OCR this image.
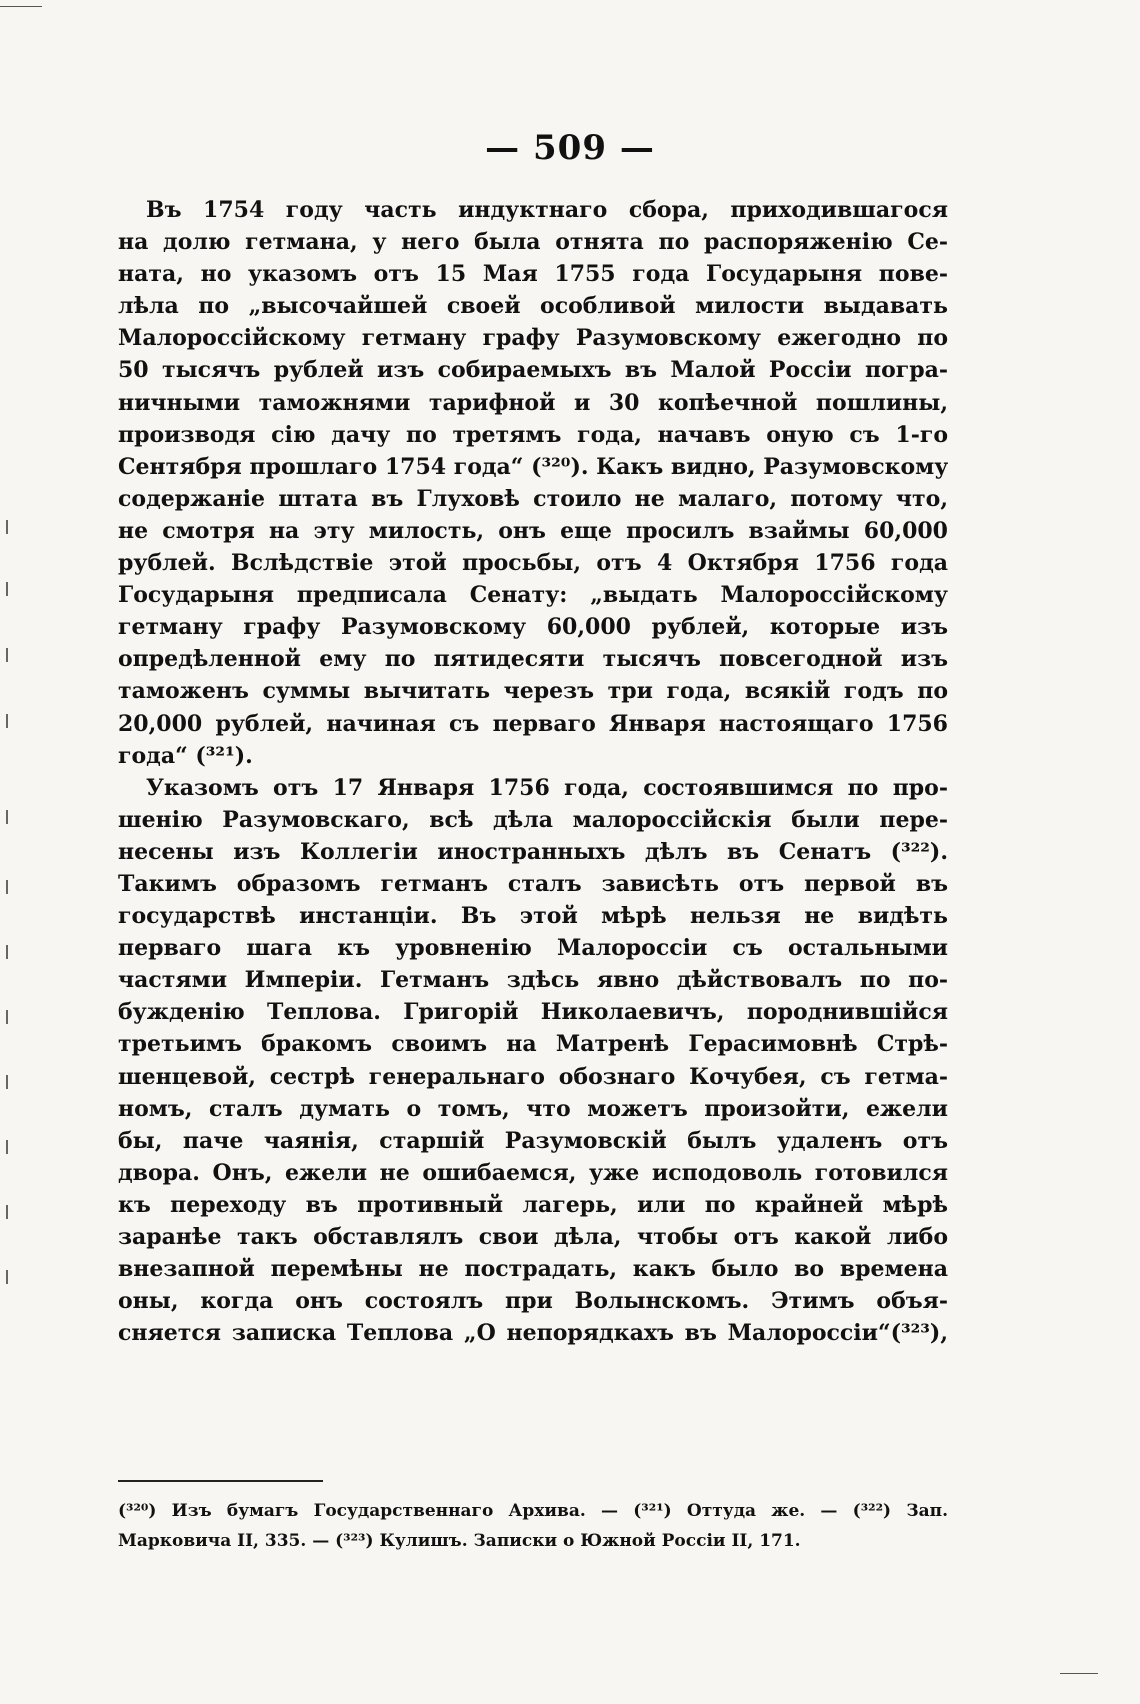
— 509 —
Въ 1754 году часть индуктнаго сбора, приходившагося
на долю гетмана, у него была отнята по распоряженію Се-
ната, но указомъ отъ 15 Мая 1755 года Государыня пове-
лѣла по „высочайшей своей особливой милости выдавать
Малороссійскому гетману графу Разумовскому ежегодно по
50 тысячъ рублей изъ собираемыхъ въ Малой Россіи погра-
ничными таможнями тарифной и 30 копѣечной пошлины,
производя сію дачу по третямъ года, начавъ оную съ 1-го
Сентября прошлаго 1754 года“ (³²⁰). Какъ видно, Разумовскому
содержаніе штата въ Глуховѣ стоило не малаго, потому что,
не смотря на эту милость, онъ еще просилъ взаймы 60,000
рублей. Вслѣдствіе этой просьбы, отъ 4 Октября 1756 года
Государыня предписала Сенату: „выдать Малороссійскому
гетману графу Разумовскому 60,000 рублей, которые изъ
опредѣленной ему по пятидесяти тысячъ повсегодной изъ
таможенъ суммы вычитать черезъ три года, всякій годъ по
20,000 рублей, начиная съ перваго Января настоящаго 1756
года“ (³²¹).
Указомъ отъ 17 Января 1756 года, состоявшимся по про-
шенію Разумовскаго, всѣ дѣла малороссійскія были пере-
несены изъ Коллегіи иностранныхъ дѣлъ въ Сенатъ (³²²).
Такимъ образомъ гетманъ сталъ зависѣть отъ первой въ
государствѣ инстанціи. Въ этой мѣрѣ нельзя не видѣть
перваго шага къ уровненію Малороссіи съ остальными
частями Имперіи. Гетманъ здѣсь явно дѣйствовалъ по по-
бужденію Теплова. Григорій Николаевичъ, породнившійся
третьимъ бракомъ своимъ на Матренѣ Герасимовнѣ Стрѣ-
шенцевой, сестрѣ генеральнаго обознаго Кочубея, съ гетма-
номъ, сталъ думать о томъ, что можетъ произойти, ежели
бы, паче чаянія, старшій Разумовскій былъ удаленъ отъ
двора. Онъ, ежели не ошибаемся, уже исподоволь готовился
къ переходу въ противный лагерь, или по крайней мѣрѣ
заранѣе такъ обставлялъ свои дѣла, чтобы отъ какой либо
внезапной перемѣны не пострадать, какъ было во времена
оны, когда онъ состоялъ при Волынскомъ. Этимъ объя-
сняется записка Теплова „О непорядкахъ въ Малороссіи“(³²³),
(³²⁰) Изъ бумагъ Государственнаго Архива. — (³²¹) Оттуда же. — (³²²) Зап.
Марковича II, 335. — (³²³) Кулишъ. Записки о Южной Россіи II, 171.
